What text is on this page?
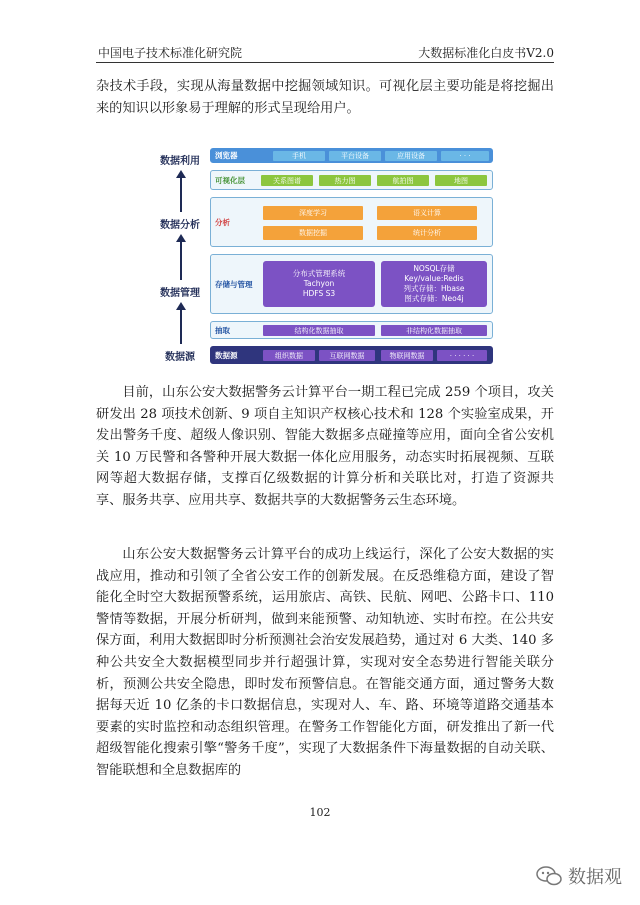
中国电子技术标准化研究院	大数据标准化白皮书V2.0

杂技术手段，实现从海量数据中挖掘领域知识。可视化层主要功能是将挖掘出来的知识以形象易于理解的形式呈现给用户。

数据利用
数据分析
数据管理
数据源
浏览器	手机	平台设备	应用设备	· · ·
可视化层	关系图谱	热力图	航拍图	地图
分析
深度学习	语义计算
数据挖掘	统计分析
存储与管理
分布式管理系统
Tachyon
HDFS S3
NOSQL存储
Key/value:Redis
列式存储：Hbase
图式存储：Neo4j
抽取	结构化数据抽取	非结构化数据抽取
数据源	组织数据	互联网数据	物联网数据	· · · · · ·

目前，山东公安大数据警务云计算平台一期工程已完成 259 个项目，攻关研发出 28 项技术创新、9 项自主知识产权核心技术和 128 个实验室成果，开发出警务千度、超级人像识别、智能大数据多点碰撞等应用，面向全省公安机关 10 万民警和各警种开展大数据一体化应用服务，动态实时拓展视频、互联网等超大数据存储，支撑百亿级数据的计算分析和关联比对，打造了资源共享、服务共享、应用共享、数据共享的大数据警务云生态环境。

山东公安大数据警务云计算平台的成功上线运行，深化了公安大数据的实战应用，推动和引领了全省公安工作的创新发展。在反恐维稳方面，建设了智能化全时空大数据预警系统，运用旅店、高铁、民航、网吧、公路卡口、110 警情等数据，开展分析研判，做到来能预警、动知轨迹、实时布控。在公共安保方面，利用大数据即时分析预测社会治安发展趋势，通过对 6 大类、140 多种公共安全大数据模型同步并行超强计算，实现对安全态势进行智能关联分析，预测公共安全隐患，即时发布预警信息。在智能交通方面，通过警务大数据每天近 10 亿条的卡口数据信息，实现对人、车、路、环境等道路交通基本要素的实时监控和动态组织管理。在警务工作智能化方面，研发推出了新一代超级智能化搜索引擎“警务千度”，实现了大数据条件下海量数据的自动关联、智能联想和全息数据库的

102
数据观
